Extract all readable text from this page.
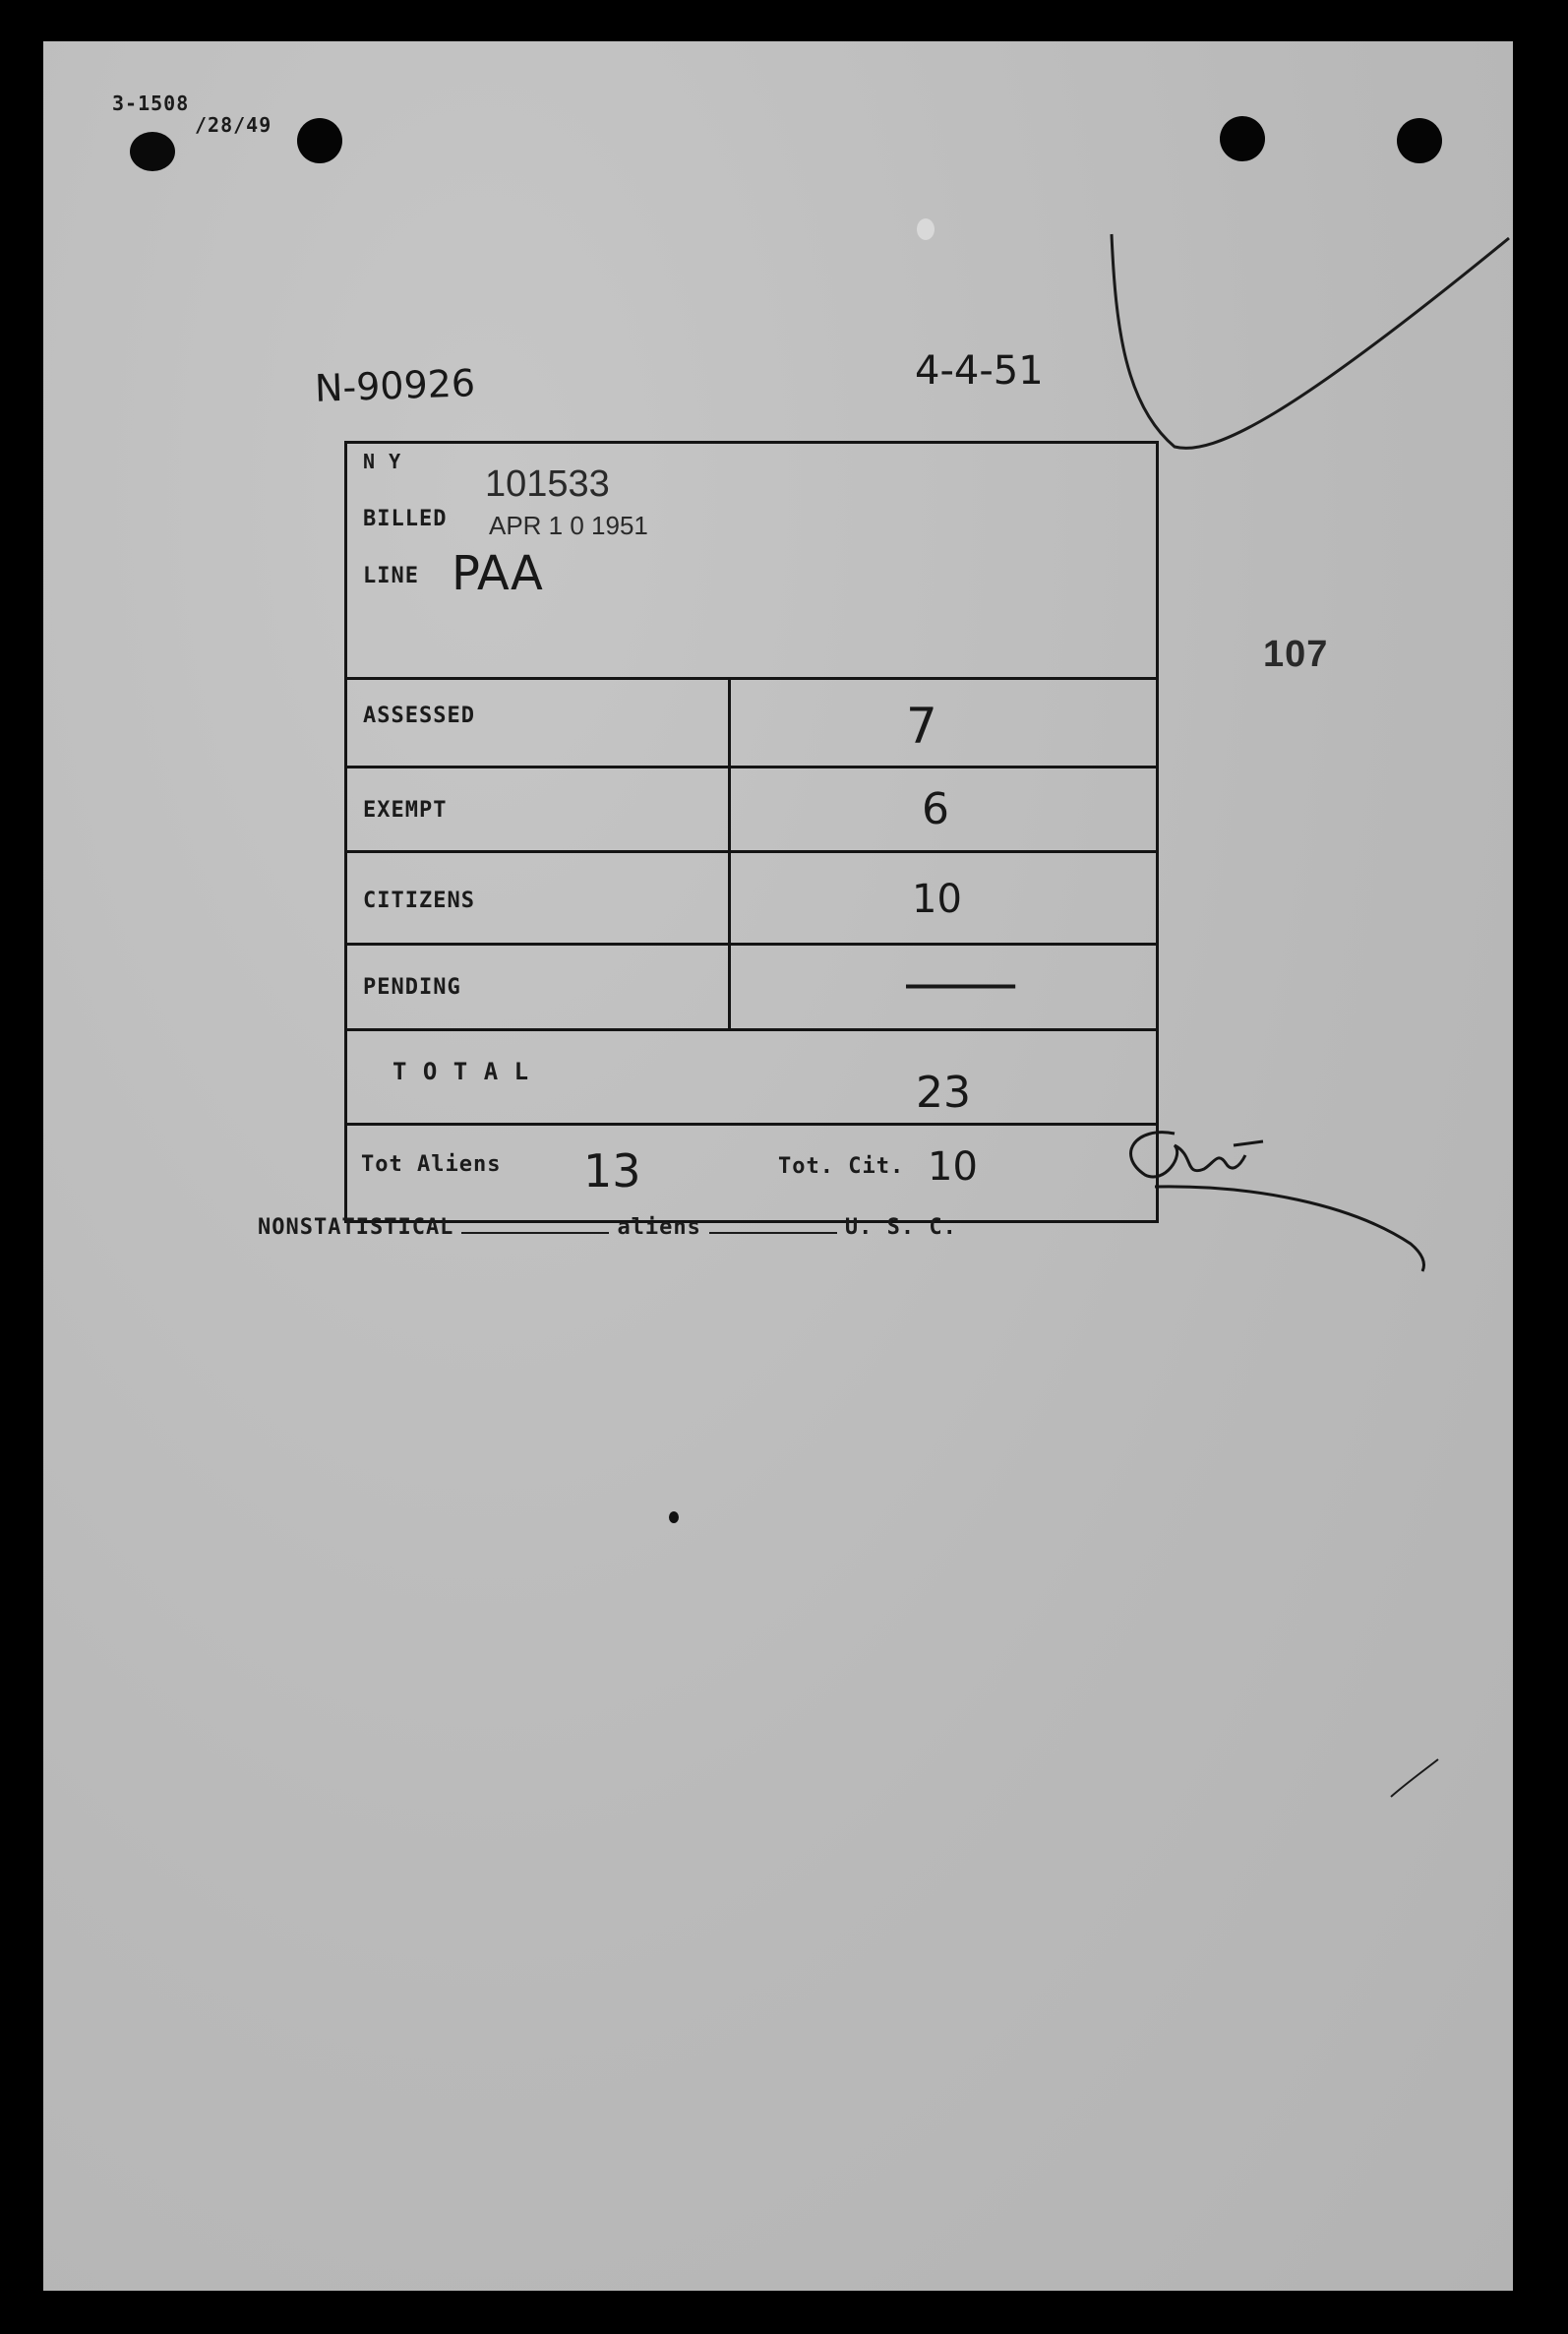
3-1508
/28/49
N-90926	4-4-51
107
N Y
101533
BILLED APR 1 0 1951
LINE PAA
ASSESSED	7
EXEMPT	6
CITIZENS	10
PENDING	—
T O T A L	23
Tot Aliens 13	Tot. Cit. 10
NONSTATISTICAL	aliens	U. S. C.
